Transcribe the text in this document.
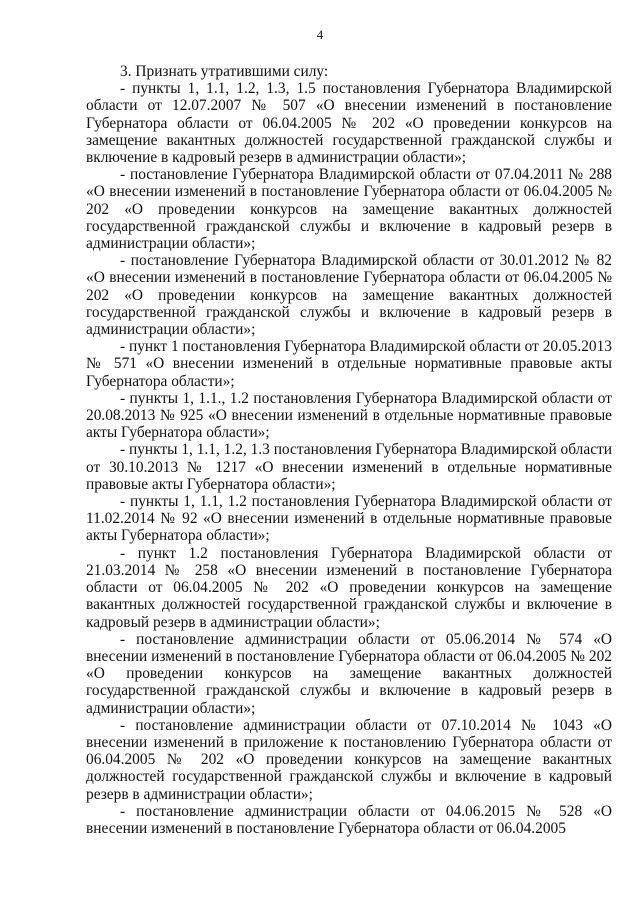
4

3. Признать утратившими силу:

- пункты 1, 1.1, 1.2, 1.3, 1.5 постановления Губернатора Владимирской области от 12.07.2007 № 507 «О внесении изменений в постановление Губернатора области от 06.04.2005 № 202 «О проведении конкурсов на замещение вакантных должностей государственной гражданской службы и включение в кадровый резерв в администрации области»;

- постановление Губернатора Владимирской области от 07.04.2011 № 288 «О внесении изменений в постановление Губернатора области от 06.04.2005 № 202 «О проведении конкурсов на замещение вакантных должностей государственной гражданской службы и включение в кадровый резерв в администрации области»;

- постановление Губернатора Владимирской области от 30.01.2012 № 82 «О внесении изменений в постановление Губернатора области от 06.04.2005 № 202 «О проведении конкурсов на замещение вакантных должностей государственной гражданской службы и включение в кадровый резерв в администрации области»;

- пункт 1 постановления Губернатора Владимирской области от 20.05.2013 № 571 «О внесении изменений в отдельные нормативные правовые акты Губернатора области»;

- пункты 1, 1.1., 1.2 постановления Губернатора Владимирской области от 20.08.2013 № 925 «О внесении изменений в отдельные нормативные правовые акты Губернатора области»;

- пункты 1, 1.1, 1.2, 1.3 постановления Губернатора Владимирской области от 30.10.2013 № 1217 «О внесении изменений в отдельные нормативные правовые акты Губернатора области»;

- пункты 1, 1.1, 1.2 постановления Губернатора Владимирской области от 11.02.2014 № 92 «О внесении изменений в отдельные нормативные правовые акты Губернатора области»;

- пункт 1.2 постановления Губернатора Владимирской области от 21.03.2014 № 258 «О внесении изменений в постановление Губернатора области от 06.04.2005 № 202 «О проведении конкурсов на замещение вакантных должностей государственной гражданской службы и включение в кадровый резерв в администрации области»;

- постановление администрации области от 05.06.2014 № 574 «О внесении изменений в постановление Губернатора области от 06.04.2005 № 202 «О проведении конкурсов на замещение вакантных должностей государственной гражданской службы и включение в кадровый резерв в администрации области»;

- постановление администрации области от 07.10.2014 № 1043 «О внесении изменений в приложение к постановлению Губернатора области от 06.04.2005 № 202 «О проведении конкурсов на замещение вакантных должностей государственной гражданской службы и включение в кадровый резерв в администрации области»;

- постановление администрации области от 04.06.2015 № 528 «О внесении изменений в постановление Губернатора области от 06.04.2005
